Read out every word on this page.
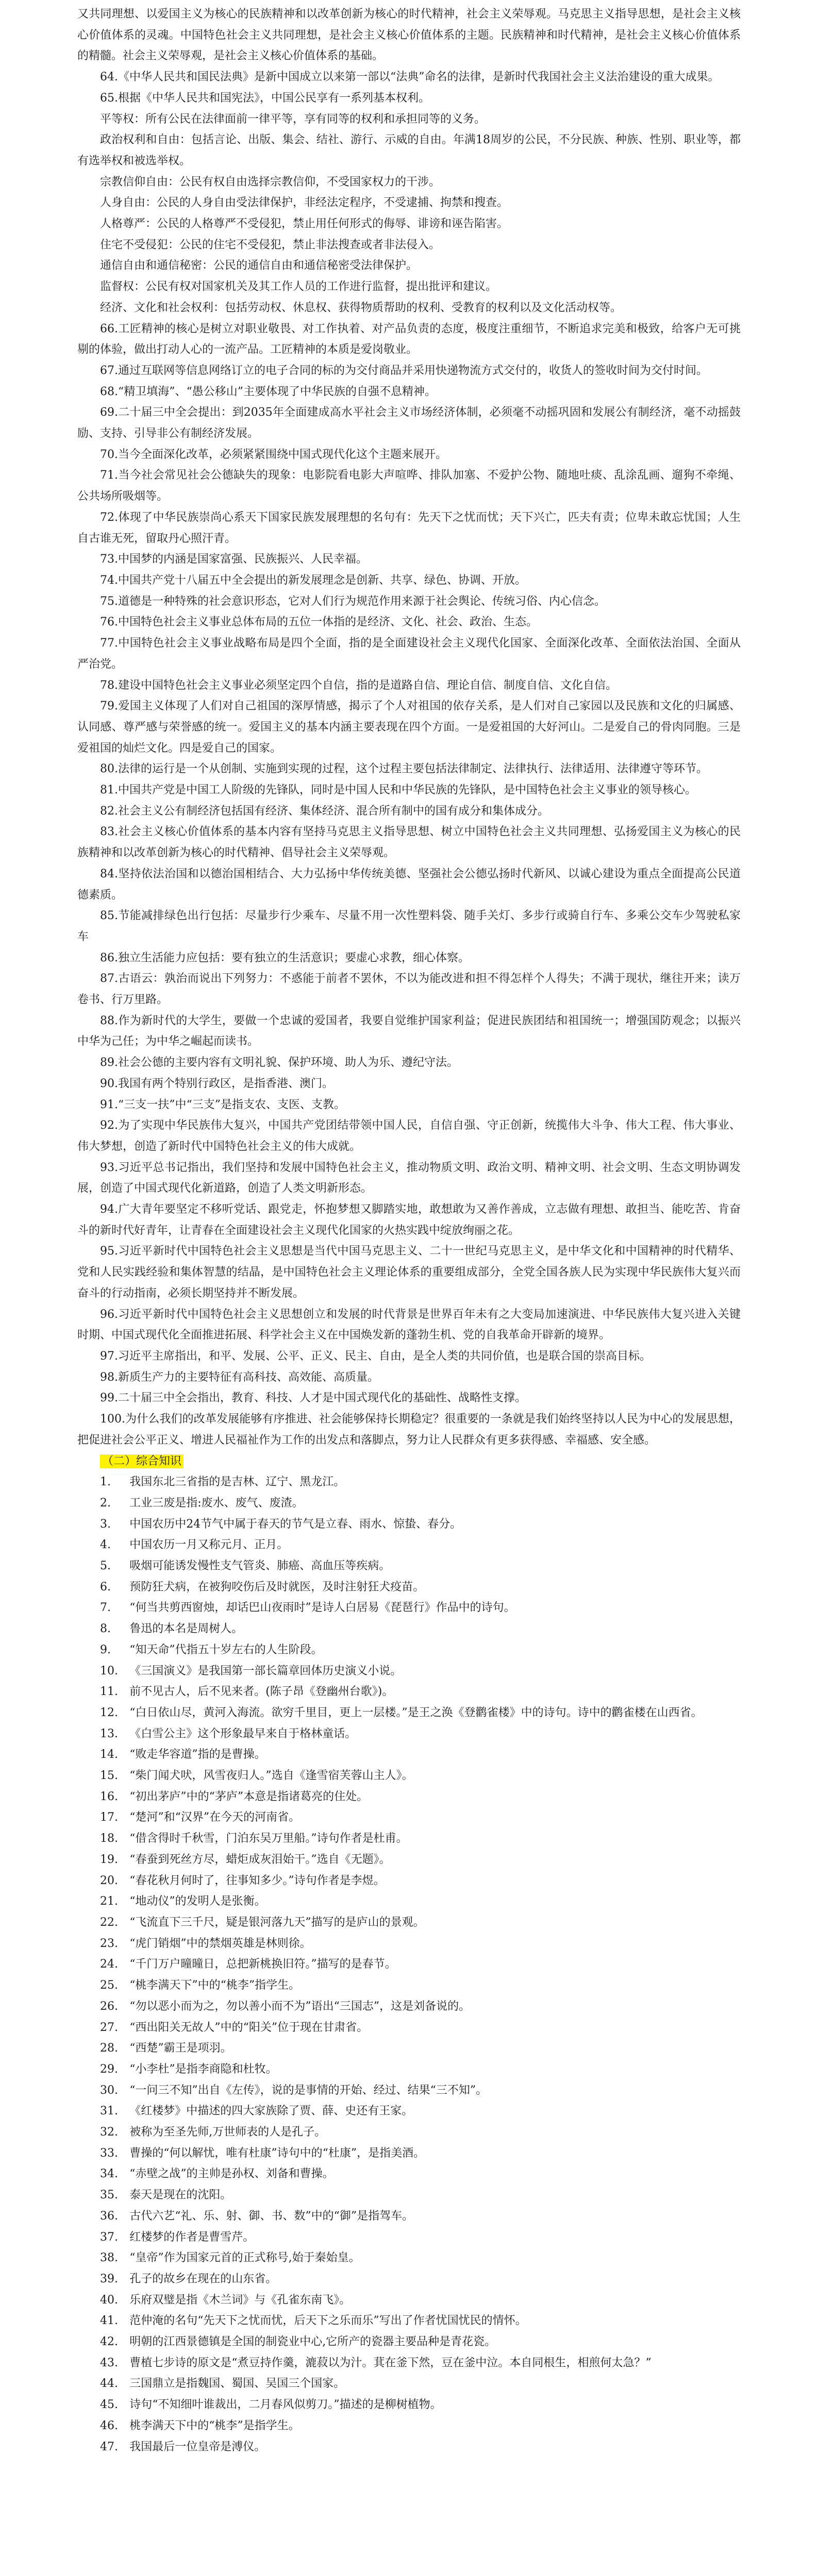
又共同理想、以爱国主义为核心的民族精神和以改革创新为核心的时代精神，社会主义荣辱观。马克思主义指导思想，是社会主义核心价值体系的灵魂。中国特色社会主义共同理想，是社会主义核心价值体系的主题。民族精神和时代精神，是社会主义核心价值体系的精髓。社会主义荣辱观，是社会主义核心价值体系的基础。

64.《中华人民共和国民法典》是新中国成立以来第一部以“法典”命名的法律，是新时代我国社会主义法治建设的重大成果。

65.根据《中华人民共和国宪法》，中国公民享有一系列基本权利。

平等权：所有公民在法律面前一律平等，享有同等的权利和承担同等的义务。

政治权利和自由：包括言论、出版、集会、结社、游行、示威的自由。年满18周岁的公民，不分民族、种族、性别、职业等，都有选举权和被选举权。

宗教信仰自由：公民有权自由选择宗教信仰，不受国家权力的干涉。

人身自由：公民的人身自由受法律保护，非经法定程序，不受逮捕、拘禁和搜查。

人格尊严：公民的人格尊严不受侵犯，禁止用任何形式的侮辱、诽谤和诬告陷害。

住宅不受侵犯：公民的住宅不受侵犯，禁止非法搜查或者非法侵入。

通信自由和通信秘密：公民的通信自由和通信秘密受法律保护。

监督权：公民有权对国家机关及其工作人员的工作进行监督，提出批评和建议。

经济、文化和社会权利：包括劳动权、休息权、获得物质帮助的权利、受教育的权利以及文化活动权等。

66.工匠精神的核心是树立对职业敬畏、对工作执着、对产品负责的态度，极度注重细节，不断追求完美和极致，给客户无可挑剔的体验，做出打动人心的一流产品。工匠精神的本质是爱岗敬业。

67.通过互联网等信息网络订立的电子合同的标的为交付商品并采用快递物流方式交付的，收货人的签收时间为交付时间。

68.“精卫填海”、“愚公移山”主要体现了中华民族的自强不息精神。

69.二十届三中全会提出：到2035年全面建成高水平社会主义市场经济体制，必须毫不动摇巩固和发展公有制经济，毫不动摇鼓励、支持、引导非公有制经济发展。

70.当今全面深化改革，必须紧紧围绕中国式现代化这个主题来展开。

71.当今社会常见社会公德缺失的现象：电影院看电影大声喧哗、排队加塞、不爱护公物、随地吐痰、乱涂乱画、遛狗不牵绳、公共场所吸烟等。

72.体现了中华民族崇尚心系天下国家民族发展理想的名句有：先天下之忧而忧；天下兴亡，匹夫有责；位卑未敢忘忧国；人生自古谁无死，留取丹心照汗青。

73.中国梦的内涵是国家富强、民族振兴、人民幸福。

74.中国共产党十八届五中全会提出的新发展理念是创新、共享、绿色、协调、开放。

75.道德是一种特殊的社会意识形态，它对人们行为规范作用来源于社会舆论、传统习俗、内心信念。

76.中国特色社会主义事业总体布局的五位一体指的是经济、文化、社会、政治、生态。

77.中国特色社会主义事业战略布局是四个全面，指的是全面建设社会主义现代化国家、全面深化改革、全面依法治国、全面从严治党。

78.建设中国特色社会主义事业必须坚定四个自信，指的是道路自信、理论自信、制度自信、文化自信。

79.爱国主义体现了人们对自己祖国的深厚情感，揭示了个人对祖国的依存关系，是人们对自己家园以及民族和文化的归属感、认同感、尊严感与荣誉感的统一。爱国主义的基本内涵主要表现在四个方面。一是爱祖国的大好河山。二是爱自己的骨肉同胞。三是爱祖国的灿烂文化。四是爱自己的国家。

80.法律的运行是一个从创制、实施到实现的过程，这个过程主要包括法律制定、法律执行、法律适用、法律遵守等环节。

81.中国共产党是中国工人阶级的先锋队，同时是中国人民和中华民族的先锋队，是中国特色社会主义事业的领导核心。

82.社会主义公有制经济包括国有经济、集体经济、混合所有制中的国有成分和集体成分。

83.社会主义核心价值体系的基本内容有坚持马克思主义指导思想、树立中国特色社会主义共同理想、弘扬爱国主义为核心的民族精神和以改革创新为核心的时代精神、倡导社会主义荣辱观。

84.坚持依法治国和以德治国相结合、大力弘扬中华传统美德、坚强社会公德弘扬时代新风、以诚心建设为重点全面提高公民道德素质。

85.节能减排绿色出行包括：尽量步行少乘车、尽量不用一次性塑料袋、随手关灯、多步行或骑自行车、多乘公交车少驾驶私家车

86.独立生活能力应包括：要有独立的生活意识；要虚心求教，细心体察。

87.古语云：孰治而说出下列努力：不惑能于前者不罢休，不以为能改进和担不得怎样个人得失；不满于现状，继往开来；读万卷书、行万里路。

88.作为新时代的大学生，要做一个忠诚的爱国者，我要自觉维护国家利益；促进民族团结和祖国统一；增强国防观念；以振兴中华为己任；为中华之崛起而读书。

89.社会公德的主要内容有文明礼貌、保护环境、助人为乐、遵纪守法。

90.我国有两个特别行政区，是指香港、澳门。

91.“三支一扶”中“三支”是指支农、支医、支教。

92.为了实现中华民族伟大复兴，中国共产党团结带领中国人民，自信自强、守正创新，统揽伟大斗争、伟大工程、伟大事业、伟大梦想，创造了新时代中国特色社会主义的伟大成就。

93.习近平总书记指出，我们坚持和发展中国特色社会主义，推动物质文明、政治文明、精神文明、社会文明、生态文明协调发展，创造了中国式现代化新道路，创造了人类文明新形态。

94.广大青年要坚定不移听党话、跟党走，怀抱梦想又脚踏实地，敢想敢为又善作善成，立志做有理想、敢担当、能吃苦、肯奋斗的新时代好青年，让青春在全面建设社会主义现代化国家的火热实践中绽放绚丽之花。

95.习近平新时代中国特色社会主义思想是当代中国马克思主义、二十一世纪马克思主义，是中华文化和中国精神的时代精华、党和人民实践经验和集体智慧的结晶，是中国特色社会主义理论体系的重要组成部分，全党全国各族人民为实现中华民族伟大复兴而奋斗的行动指南，必须长期坚持并不断发展。

96.习近平新时代中国特色社会主义思想创立和发展的时代背景是世界百年未有之大变局加速演进、中华民族伟大复兴进入关键时期、中国式现代化全面推进拓展、科学社会主义在中国焕发新的蓬勃生机、党的自我革命开辟新的境界。

97.习近平主席指出，和平、发展、公平、正义、民主、自由，是全人类的共同价值，也是联合国的崇高目标。

98.新质生产力的主要特征有高科技、高效能、高质量。

99.二十届三中全会指出，教育、科技、人才是中国式现代化的基础性、战略性支撑。

100.为什么我们的改革发展能够有序推进、社会能够保持长期稳定？很重要的一条就是我们始终坚持以人民为中心的发展思想，把促进社会公平正义、增进人民福祉作为工作的出发点和落脚点，努力让人民群众有更多获得感、幸福感、安全感。

（二）综合知识
1. 我国东北三省指的是吉林、辽宁、黑龙江。
2. 工业三废是指:废水、废气、废渣。
3. 中国农历中24节气中属于春天的节气是立春、雨水、惊蛰、春分。
4. 中国农历一月又称元月、正月。
5. 吸烟可能诱发慢性支气管炎、肺癌、高血压等疾病。
6. 预防狂犬病，在被狗咬伤后及时就医，及时注射狂犬疫苗。
7. “何当共剪西窗烛，却话巴山夜雨时”是诗人白居易《琵琶行》作品中的诗句。
8. 鲁迅的本名是周树人。
9. “知天命”代指五十岁左右的人生阶段。
10. 《三国演义》是我国第一部长篇章回体历史演义小说。
11. 前不见古人，后不见来者。(陈子昂《登幽州台歌》)。
12. “白日依山尽，黄河入海流。欲穷千里目，更上一层楼。”是王之涣《登鹳雀楼》中的诗句。诗中的鹳雀楼在山西省。
13. 《白雪公主》这个形象最早来自于格林童话。
14. “败走华容道”指的是曹操。
15. “柴门闻犬吠，风雪夜归人。”选自《逢雪宿芙蓉山主人》。
16. “初出茅庐”中的“茅庐”本意是指诸葛亮的住处。
17. “楚河”和“汉界”在今天的河南省。
18. “借含得时千秋雪，门泊东吴万里船。”诗句作者是杜甫。
19. “春蚕到死丝方尽，蜡炬成灰泪始干。”选自《无题》。
20. “春花秋月何时了，往事知多少。”诗句作者是李煜。
21. “地动仪”的发明人是张衡。
22. “飞流直下三千尺，疑是银河落九天”描写的是庐山的景观。
23. “虎门销烟”中的禁烟英雄是林则徐。
24. “千门万户曈曈日，总把新桃换旧符。”描写的是春节。
25. “桃李满天下”中的“桃李”指学生。
26. “勿以恶小而为之，勿以善小而不为”语出“三国志”，这是刘备说的。
27. “西出阳关无故人”中的“阳关”位于现在甘肃省。
28. “西楚”霸王是项羽。
29. “小李杜”是指李商隐和杜牧。
30. “一问三不知”出自《左传》，说的是事情的开始、经过、结果“三不知”。
31. 《红楼梦》中描述的四大家族除了贾、薛、史还有王家。
32. 被称为至圣先师,万世师表的人是孔子。
33. 曹操的“何以解忧，唯有杜康”诗句中的“杜康”，是指美酒。
34. “赤壁之战”的主帅是孙权、刘备和曹操。
35. 泰天是现在的沈阳。
36. 古代六艺“礼、乐、射、御、书、数”中的“御”是指驾车。
37. 红楼梦的作者是曹雪芹。
38. “皇帝”作为国家元首的正式称号,始于秦始皇。
39. 孔子的故乡在现在的山东省。
40. 乐府双璧是指《木兰词》与《孔雀东南飞》。
41. 范仲淹的名句“先天下之忧而忧，后天下之乐而乐”写出了作者忧国忧民的情怀。
42. 明朝的江西景德镇是全国的制瓷业中心,它所产的瓷器主要品种是青花瓷。
43. 曹植七步诗的原文是“煮豆持作羹，漉菽以为汁。萁在釜下然，豆在釜中泣。本自同根生，相煎何太急？”
44. 三国鼎立是指魏国、蜀国、吴国三个国家。
45. 诗句“不知细叶谁裁出，二月春风似剪刀。”描述的是柳树植物。
46. 桃李满天下中的“桃李”是指学生。
47. 我国最后一位皇帝是溥仪。
